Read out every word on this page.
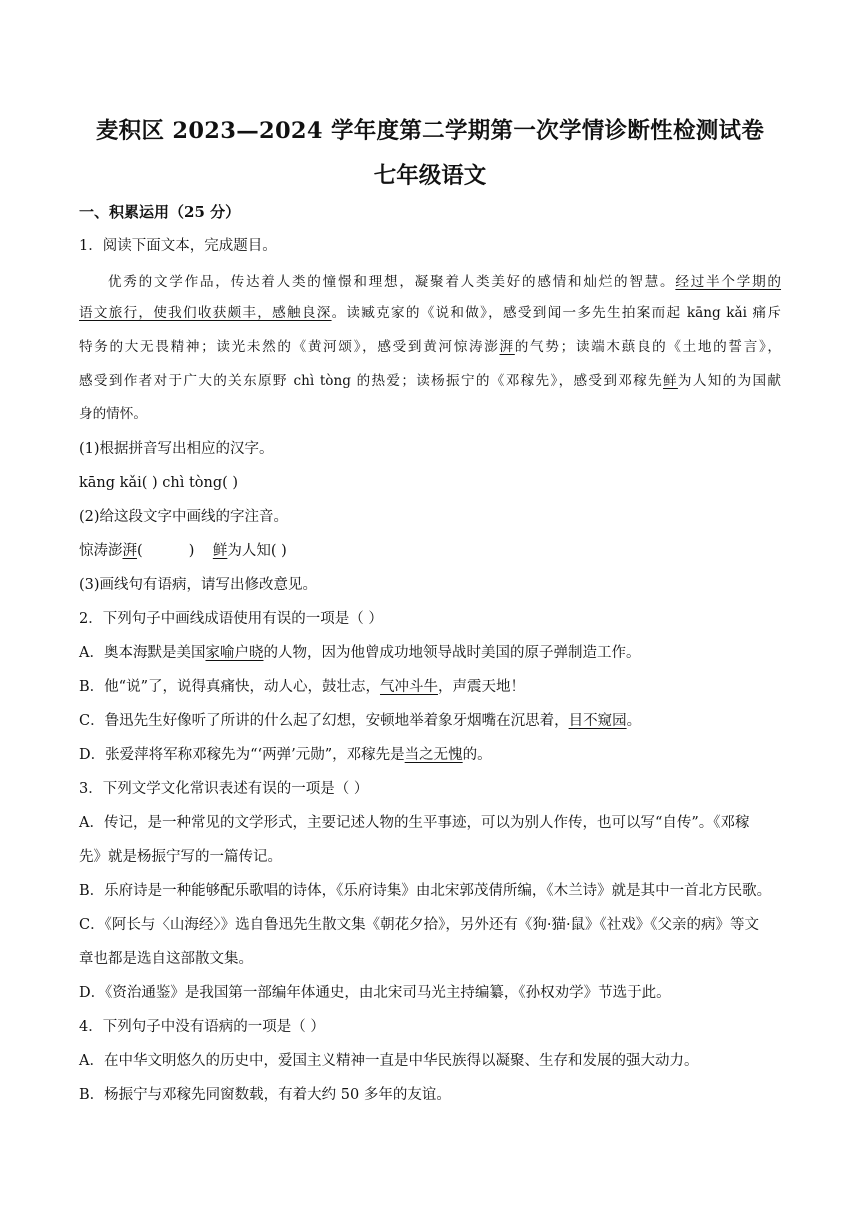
麦积区 2023—2024 学年度第二学期第一次学情诊断性检测试卷
七年级语文
一、积累运用（25 分）
1．阅读下面文本，完成题目。
  优秀的文学作品，传达着人类的憧憬和理想，凝聚着人类美好的感情和灿烂的智慧。经过半个学期的
语文旅行，使我们收获颇丰，感触良深。读臧克家的《说和做》，感受到闻一多先生拍案而起 kāng kǎi 痛斥
特务的大无畏精神；读光未然的《黄河颂》，感受到黄河惊涛澎湃的气势；读端木蕻良的《土地的誓言》，
感受到作者对于广大的关东原野 chì tòng 的热爱；读杨振宁的《邓稼先》，感受到邓稼先鲜为人知的为国献
身的情怀。
(1)根据拼音写出相应的汉字。
kāng kǎi( ) chì tòng( )
(2)给这段文字中画线的字注音。
惊涛澎湃(          )    鲜为人知( )
(3)画线句有语病，请写出修改意见。
2．下列句子中画线成语使用有误的一项是（ ）
A．奥本海默是美国家喻户晓的人物，因为他曾成功地领导战时美国的原子弹制造工作。
B．他“说”了，说得真痛快，动人心，鼓壮志，气冲斗牛，声震天地！
C．鲁迅先生好像听了所讲的什么起了幻想，安顿地举着象牙烟嘴在沉思着，目不窥园。
D．张爱萍将军称邓稼先为“‘两弹’元勋”，邓稼先是当之无愧的。
3．下列文学文化常识表述有误的一项是（ ）
A．传记，是一种常见的文学形式，主要记述人物的生平事迹，可以为别人作传，也可以写“自传”。《邓稼
先》就是杨振宁写的一篇传记。
B．乐府诗是一种能够配乐歌唱的诗体，《乐府诗集》由北宋郭茂倩所编，《木兰诗》就是其中一首北方民歌。
C．《阿长与〈山海经〉》选自鲁迅先生散文集《朝花夕拾》，另外还有《狗·猫·鼠》《社戏》《父亲的病》等文
章也都是选自这部散文集。
D．《资治通鉴》是我国第一部编年体通史，由北宋司马光主持编纂，《孙权劝学》节选于此。
4．下列句子中没有语病的一项是（ ）
A．在中华文明悠久的历史中，爱国主义精神一直是中华民族得以凝聚、生存和发展的强大动力。
B．杨振宁与邓稼先同窗数载，有着大约 50 多年的友谊。
